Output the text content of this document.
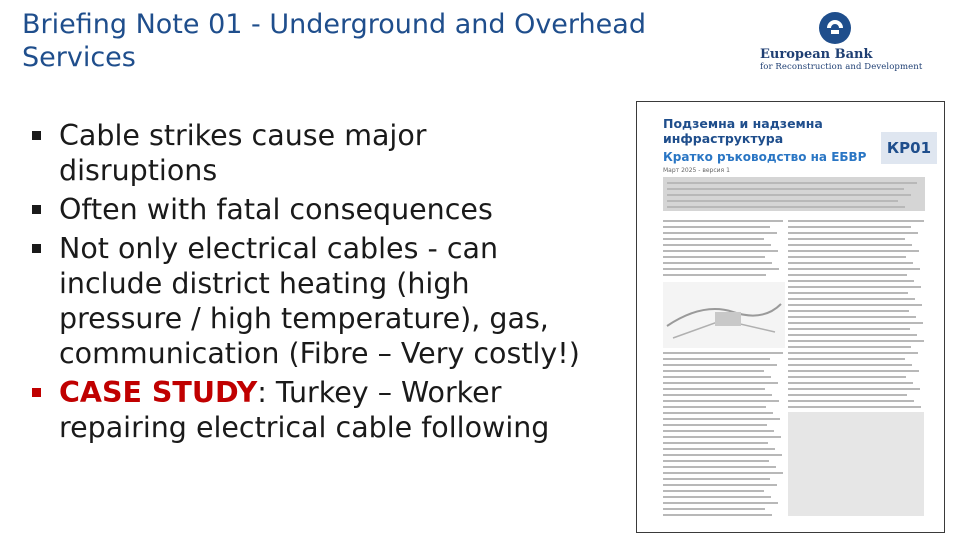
Briefing Note 01 - Underground and Overhead Services	European Bank
for Reconstruction and Development
Cable strikes cause major disruptions
Often with fatal consequences
Not only electrical cables - can include district heating (high pressure / high temperature), gas, communication (Fibre – Very costly!)
CASE STUDY: Turkey – Worker repairing electrical cable following
Подземна и надземна инфраструктура
Кратко ръководство на ЕБВР
Март 2025 - версия 1
КР01
